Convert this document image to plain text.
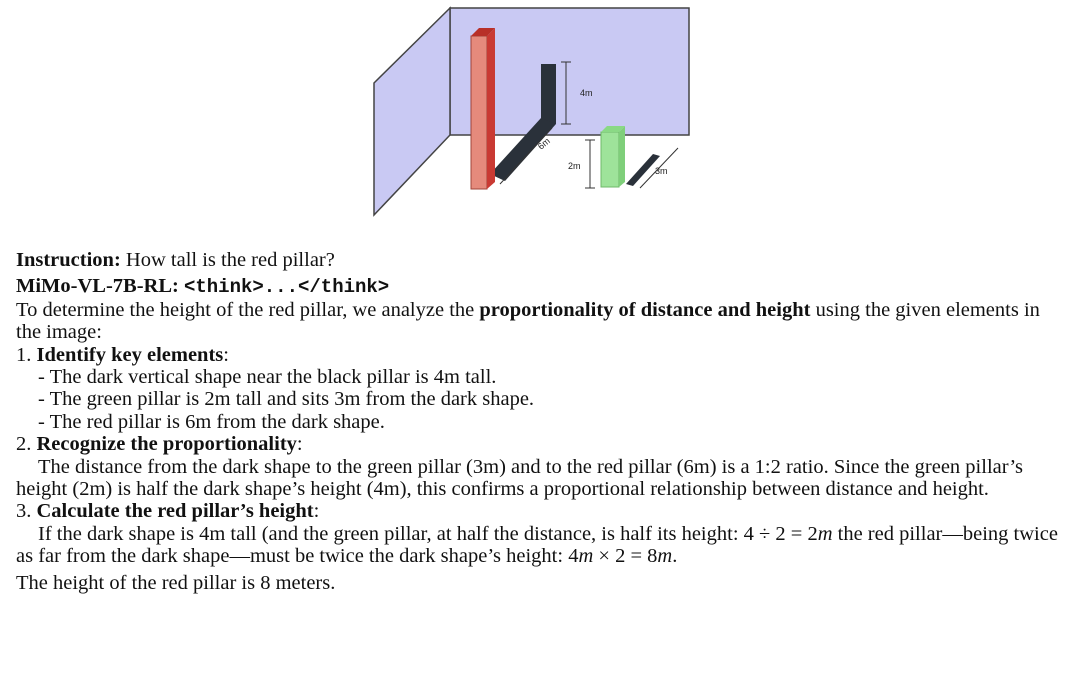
4m
6m
2m	3m
Instruction: How tall is the red pillar?
MiMo-VL-7B-RL: <think>...</think>
To determine the height of the red pillar, we analyze the proportionality of distance and height using the given elements in the image:
1. Identify key elements:
- The dark vertical shape near the black pillar is 4m tall.
- The green pillar is 2m tall and sits 3m from the dark shape.
- The red pillar is 6m from the dark shape.
2. Recognize the proportionality:
The distance from the dark shape to the green pillar (3m) and to the red pillar (6m) is a 1:2 ratio. Since the green pillar’s height (2m) is half the dark shape’s height (4m), this confirms a proportional relationship between distance and height.
3. Calculate the red pillar’s height:
If the dark shape is 4m tall (and the green pillar, at half the distance, is half its height: 4 ÷ 2 = 2m the red pillar—being twice as far from the dark shape—must be twice the dark shape’s height: 4m × 2 = 8m.
The height of the red pillar is 8 meters.
